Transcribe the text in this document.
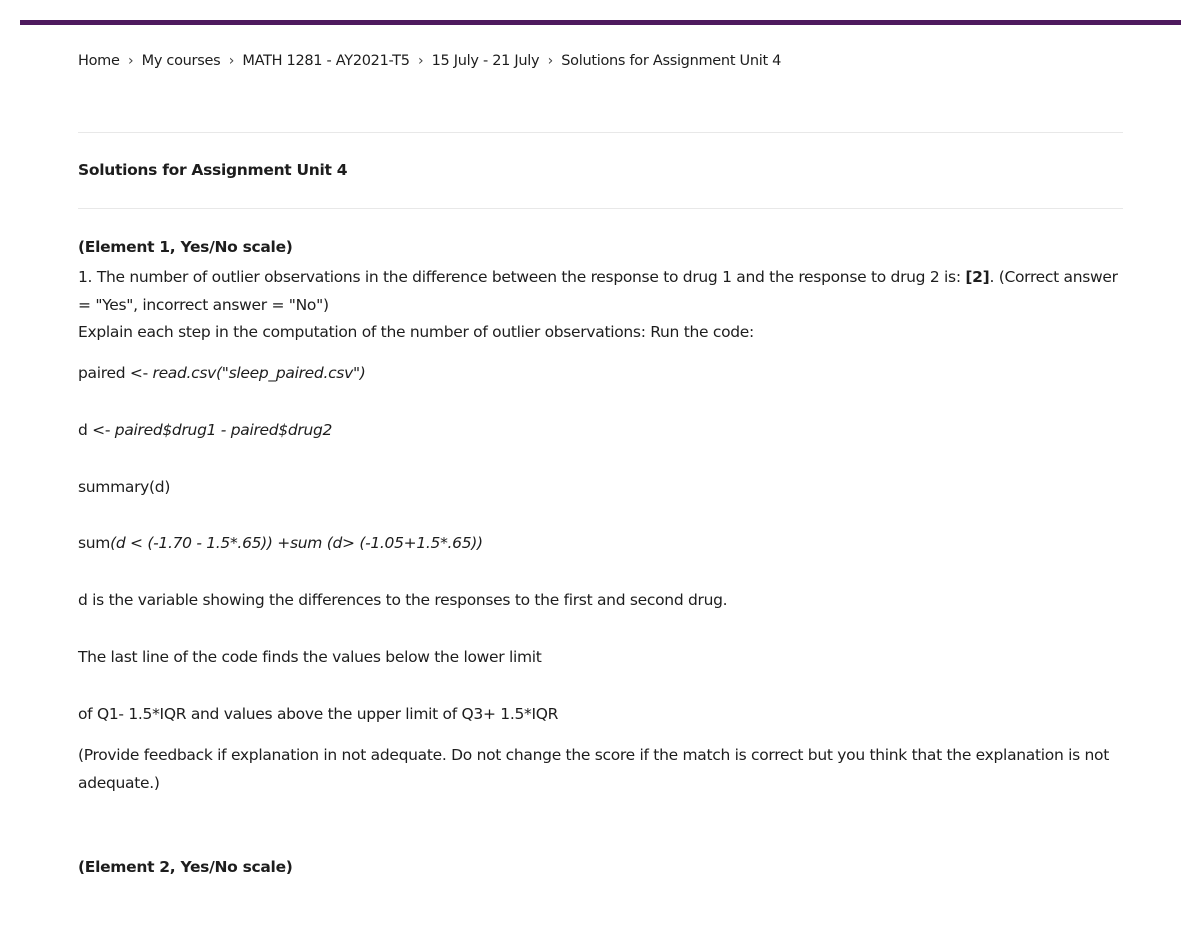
Home › My courses › MATH 1281 - AY2021-T5 › 15 July - 21 July › Solutions for Assignment Unit 4
Solutions for Assignment Unit 4
(Element 1, Yes/No scale)
1. The number of outlier observations in the difference between the response to drug 1 and the response to drug 2 is: [2]. (Correct answer = "Yes", incorrect answer = "No")
Explain each step in the computation of the number of outlier observations: Run the code:
paired <- read.csv("sleep_paired.csv")
d <- paired$drug1 - paired$drug2
summary(d)
sum(d < (-1.70 - 1.5*.65)) +sum (d> (-1.05+1.5*.65))
d is the variable showing the differences to the responses to the first and second drug.
The last line of the code finds the values below the lower limit
of Q1- 1.5*IQR and values above the upper limit of Q3+ 1.5*IQR
(Provide feedback if explanation in not adequate. Do not change the score if the match is correct but you think that the explanation is not adequate.)
(Element 2, Yes/No scale)
